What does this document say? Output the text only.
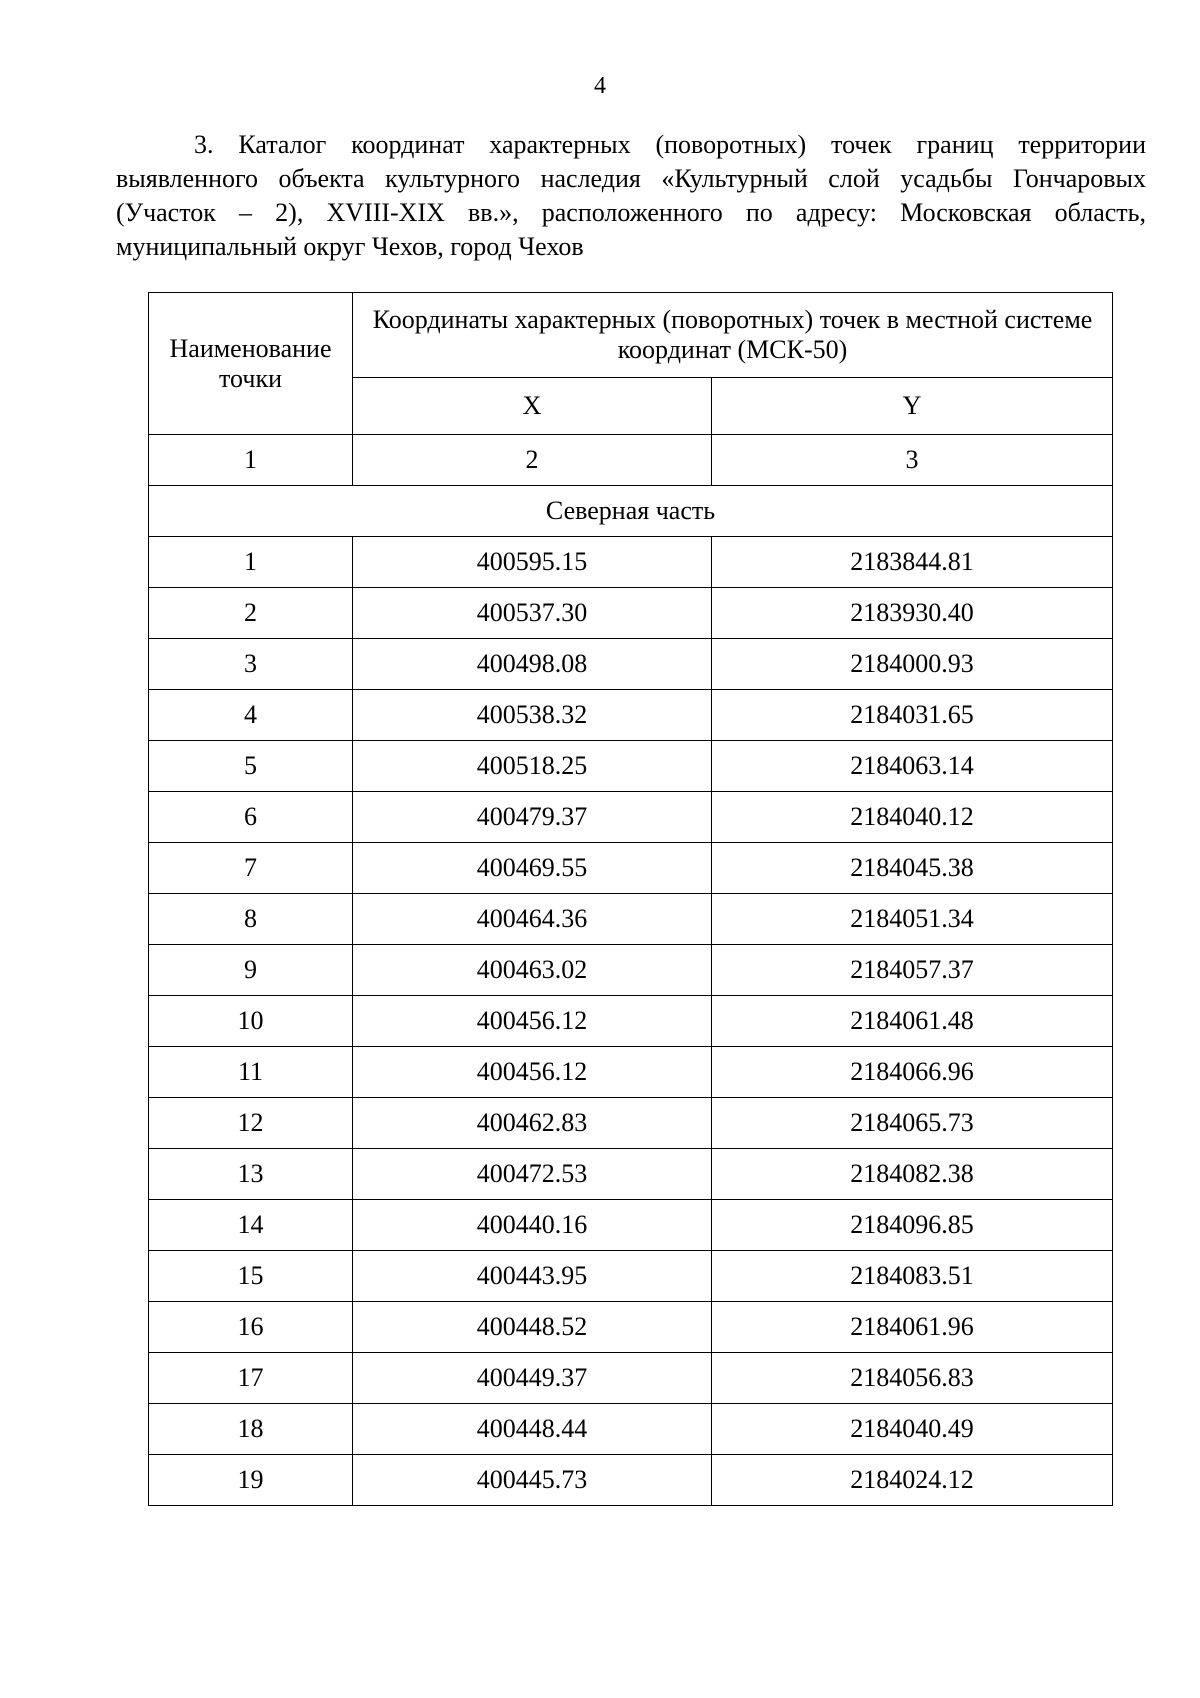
4

3. Каталог координат характерных (поворотных) точек границ территории выявленного объекта культурного наследия «Культурный слой усадьбы Гончаровых (Участок – 2), XVIII-XIX вв.», расположенного по адресу: Московская область, муниципальный округ Чехов, город Чехов

Наименование точки	Координаты характерных (поворотных) точек в местной системе координат (МСК-50)	
	X	Y
1	2	3
Северная часть		
1	400595.15	2183844.81
2	400537.30	2183930.40
3	400498.08	2184000.93
4	400538.32	2184031.65
5	400518.25	2184063.14
6	400479.37	2184040.12
7	400469.55	2184045.38
8	400464.36	2184051.34
9	400463.02	2184057.37
10	400456.12	2184061.48
11	400456.12	2184066.96
12	400462.83	2184065.73
13	400472.53	2184082.38
14	400440.16	2184096.85
15	400443.95	2184083.51
16	400448.52	2184061.96
17	400449.37	2184056.83
18	400448.44	2184040.49
19	400445.73	2184024.12
